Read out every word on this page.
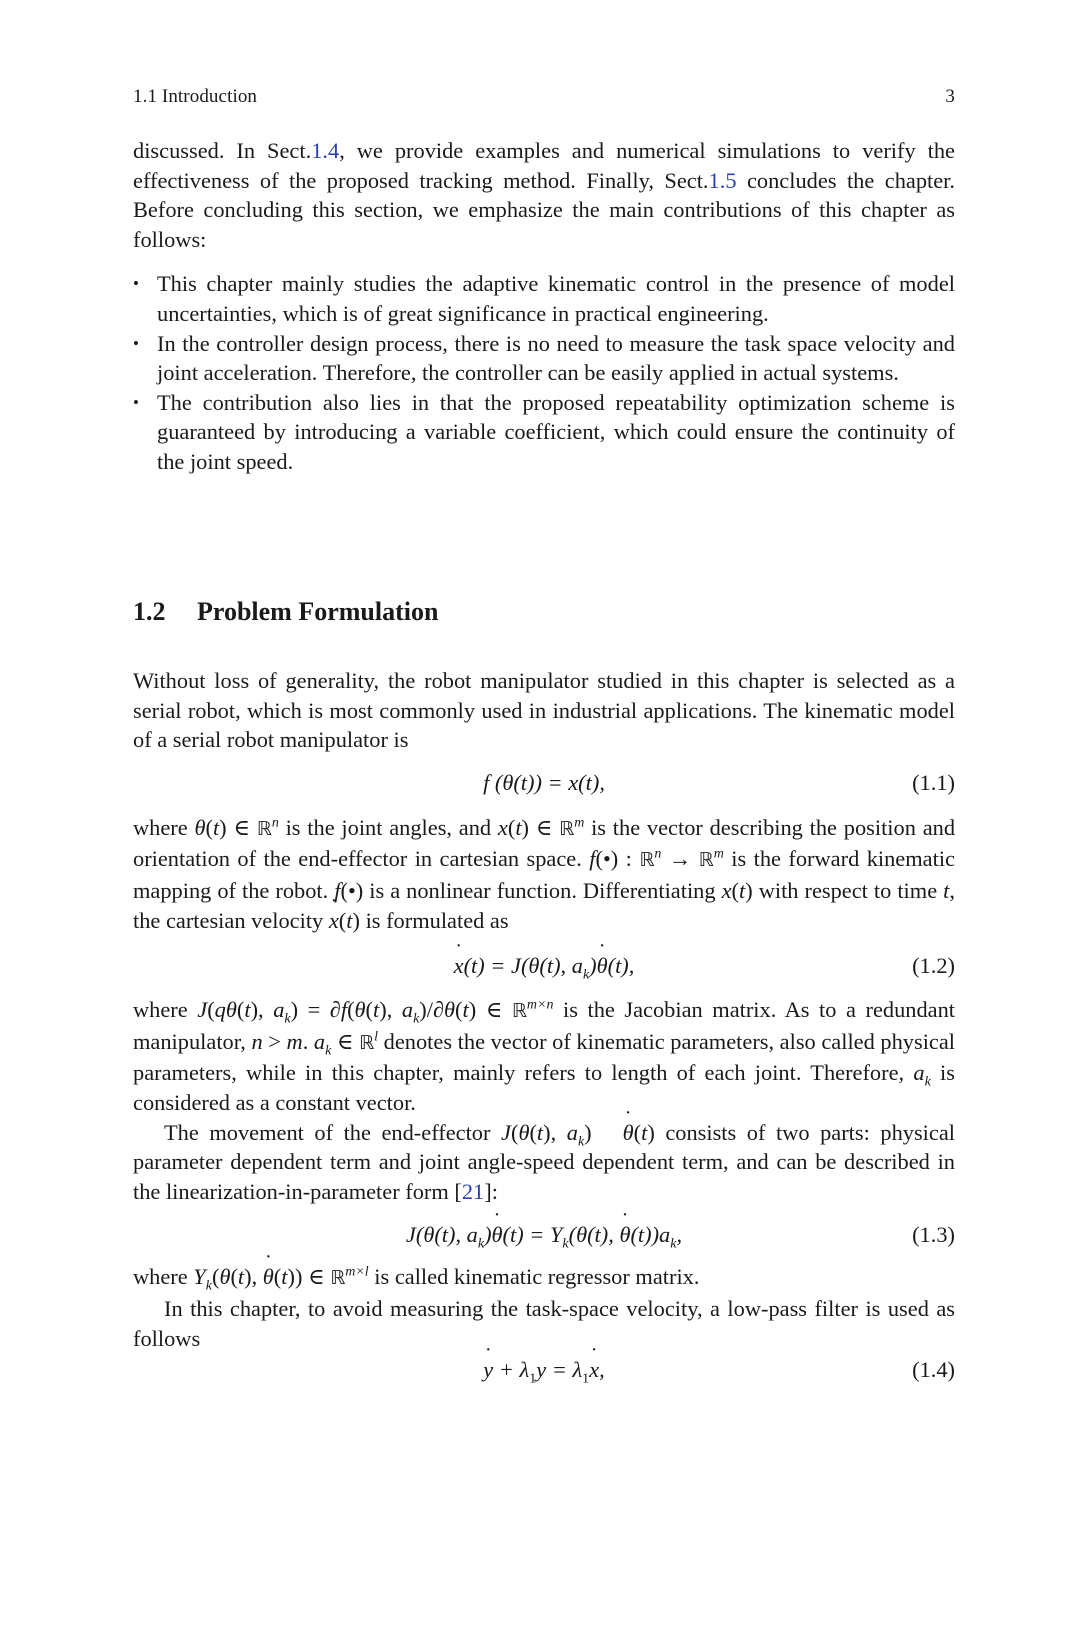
1.1 Introduction	3

discussed. In Sect.1.4, we provide examples and numerical simulations to verify the effectiveness of the proposed tracking method. Finally, Sect.1.5 concludes the chapter. Before concluding this section, we emphasize the main contributions of this chapter as follows:

• This chapter mainly studies the adaptive kinematic control in the presence of model uncertainties, which is of great significance in practical engineering.
• In the controller design process, there is no need to measure the task space velocity and joint acceleration. Therefore, the controller can be easily applied in actual systems.
• The contribution also lies in that the proposed repeatability optimization scheme is guaranteed by introducing a variable coefficient, which could ensure the continuity of the joint speed.
1.2 Problem Formulation

Without loss of generality, the robot manipulator studied in this chapter is selected as a serial robot, which is most commonly used in industrial applications. The kinematic model of a serial robot manipulator is

f (θ(t)) = x(t),	(1.1)

where θ(t) ∈ ℝ$^n$ is the joint angles, and x(t) ∈ ℝ$^m$ is the vector describing the position and orientation of the end-effector in cartesian space. f(•) : ℝ$^n$ → ℝ$^m$ is the forward kinematic mapping of the robot. f(•) is a nonlinear function. Differentiating x(t) with respect to time t, the cartesian velocity x ˙(t) is formulated as

x ˙(t) = J(θ(t), $a_k)\theta$ ˙(t),	(1.2)

where J(qθ(t), $a_k) = \partial f(\theta(t)$, $a_k)/\partial\theta(t)$ ∈ ℝ$^{m\times n}$ is the Jacobian matrix. As to a redundant manipulator, n > m. $a_k$ ∈ ℝ$^l$ denotes the vector of kinematic parameters, also called physical parameters, while in this chapter, mainly refers to length of each joint. Therefore, $a_k$ is considered as a constant vector.

The movement of the end-effector J(θ(t), $a_k$) θ ˙(t) consists of two parts: physical parameter dependent term and joint angle-speed dependent term, and can be described in the linearization-in-parameter form [21]:

J(θ(t), $a_k)\theta$ ˙(t) = $Y_k(\theta(t)$, θ $˙(t))a_k$,	(1.3)

where $Y_k(\theta(t)$, θ ˙(t)) ∈ ℝ$^{m\times l}$ is called kinematic regressor matrix.

In this chapter, to avoid measuring the task-space velocity, a low-pass filter is used as follows

y ˙ + $\lambda_1y = \lambda_1x$ ˙,	(1.4)
